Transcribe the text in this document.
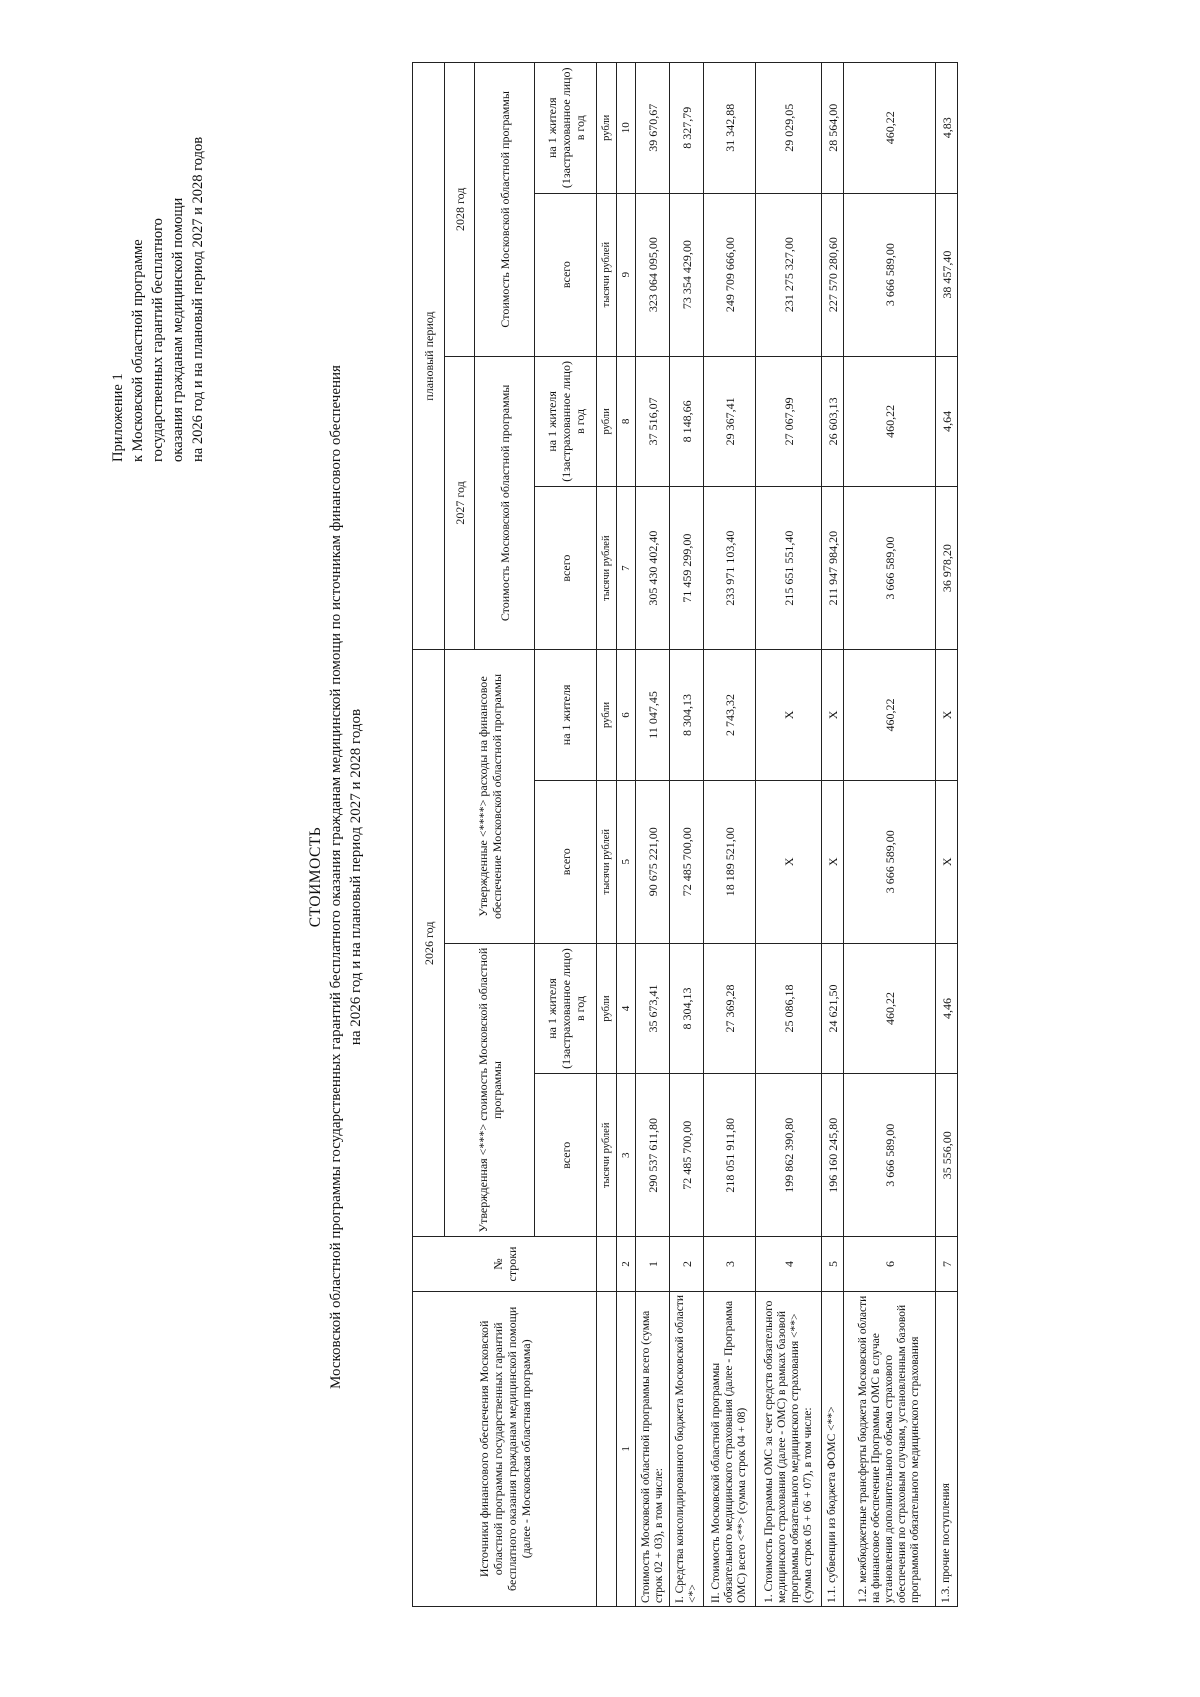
Приложение 1 к Московской областной программе государственных гарантий бесплатного оказания гражданам медицинской помощи на 2026 год и на плановый период 2027 и 2028 годов
СТОИМОСТЬ Московской областной программы государственных гарантий бесплатного оказания гражданам медицинской помощи по источникам финансового обеспечения на 2026 год и на плановый период 2027 и 2028 годов
Источники финансового обеспечения Московской областной программы государственных гарантий бесплатного оказания гражданам медицинской помощи (далее - Московская областная программа)	№ строки	2026 год				плановый период			
		Утвержденная <***> стоимость Московской областной программы		Утвержденные <****> расходы на финансовое обеспечение Московской областной программы		2027 год		2028 год	
						Стоимость Московской областной программы		Стоимость Московской областной программы	
		всего	на 1 жителя (1застрахованное лицо) в год	всего	на 1 жителя	всего	на 1 жителя (1застрахованное лицо) в год	всего	на 1 жителя (1застрахованное лицо) в год
		тысячи рублей	рубли	тысячи рублей	рубли	тысячи рублей	рубли	тысячи рублей	рубли
1	2	3	4	5	6	7	8	9	10
Стоимость Московской областной программы всего (сумма строк 02 + 03), в том числе:	1	290 537 611,80	35 673,41	90 675 221,00	11 047,45	305 430 402,40	37 516,07	323 064 095,00	39 670,67
I. Средства консолидированного бюджета Московской области <*>	2	72 485 700,00	8 304,13	72 485 700,00	8 304,13	71 459 299,00	8 148,66	73 354 429,00	8 327,79
II. Стоимость Московской областной программы обязательного медицинского страхования (далее - Программа ОМС) всего <**> (сумма строк 04 + 08)	3	218 051 911,80	27 369,28	18 189 521,00	2 743,32	233 971 103,40	29 367,41	249 709 666,00	31 342,88
1. Стоимость Программы ОМС за счет средств обязательного медицинского страхования (далее - ОМС) в рамках базовой программы обязательного медицинского страхования <**> (сумма строк 05 + 06 + 07), в том числе:	4	199 862 390,80	25 086,18	X	X	215 651 551,40	27 067,99	231 275 327,00	29 029,05
1.1. субвенции из бюджета ФОМС <**>	5	196 160 245,80	24 621,50	X	X	211 947 984,20	26 603,13	227 570 280,60	28 564,00
1.2. межбюджетные трансферты бюджета Московской области на финансовое обеспечение Программы ОМС в случае установления дополнительного объема страхового обеспечения по страховым случаям, установленным базовой программой обязательного медицинского страхования	6	3 666 589,00	460,22	3 666 589,00	460,22	3 666 589,00	460,22	3 666 589,00	460,22
1.3. прочие поступления	7	35 556,00	4,46	X	X	36 978,20	4,64	38 457,40	4,83
